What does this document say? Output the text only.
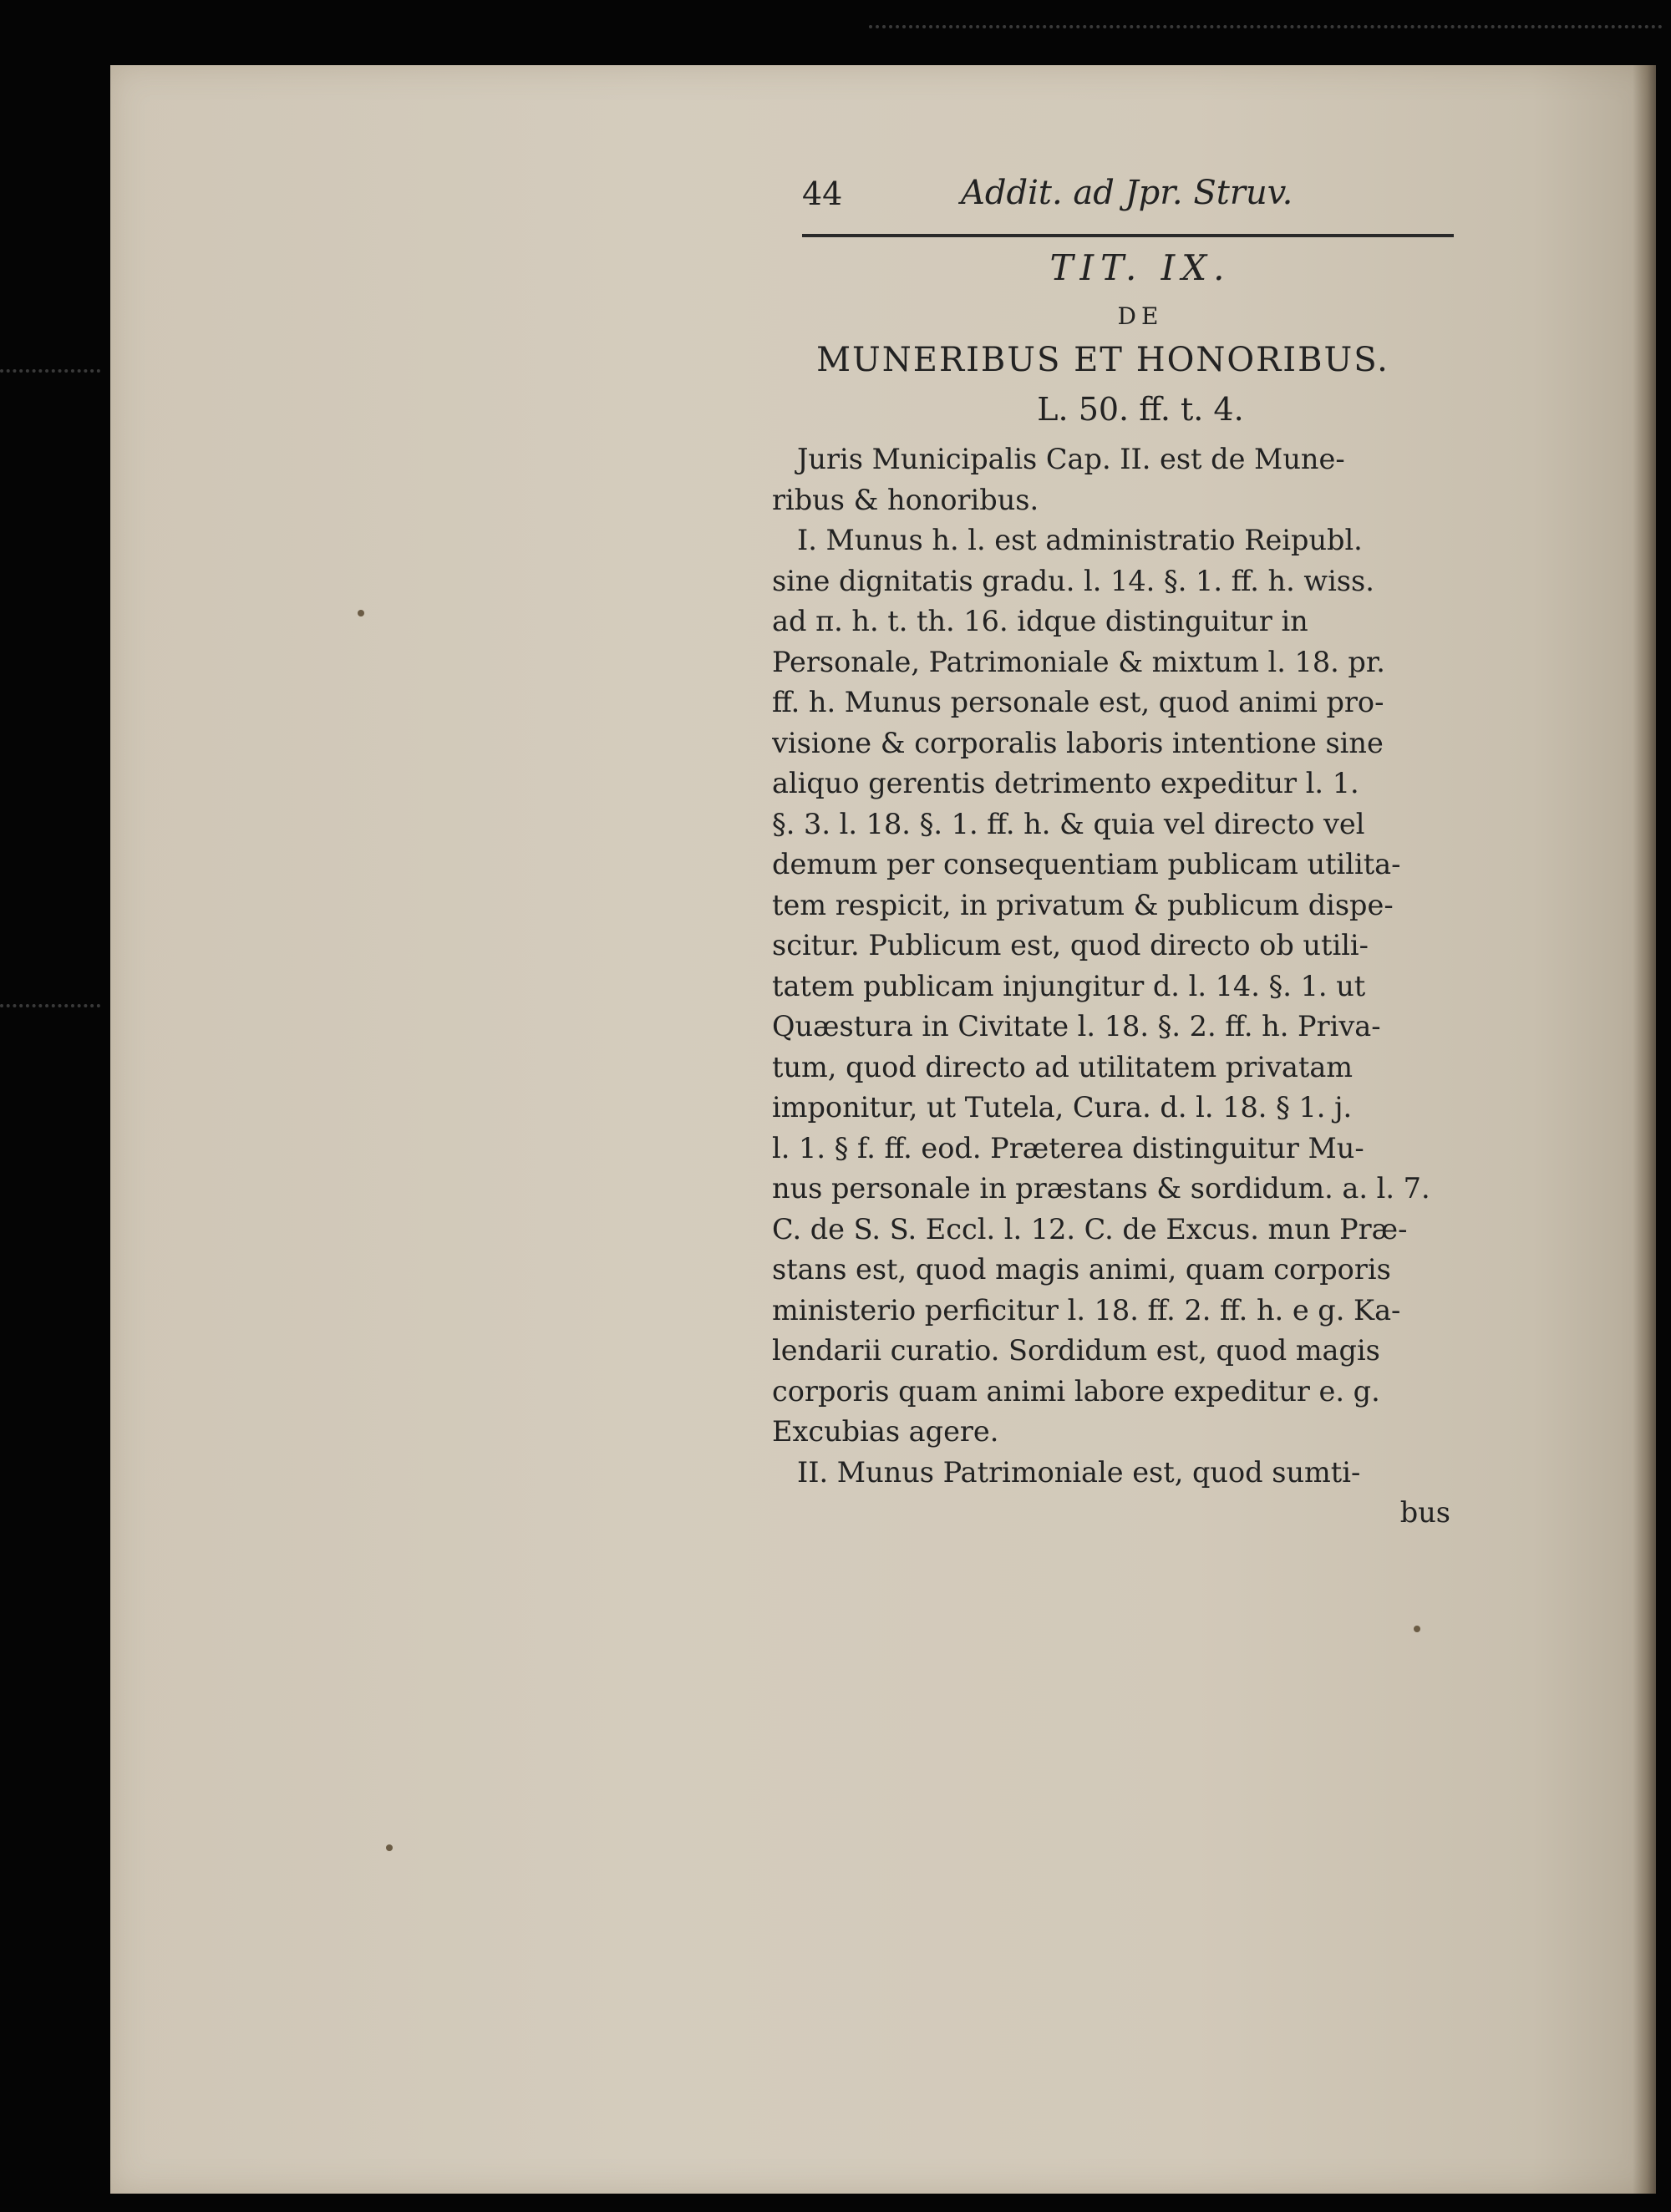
44	Addit. ad Jpr. Struv.
TIT. IX.
DE
MUNERIBUS ET HONORIBUS.
L. 50. ff. t. 4.
Juris Municipalis Cap. II. est de Mune-
ribus & honoribus.
I. Munus h. l. est administratio Reipubl.
sine dignitatis gradu. l. 14. §. 1. ff. h. wiss.
ad π. h. t. th. 16. idque distinguitur in
Personale, Patrimoniale & mixtum l. 18. pr.
ff. h. Munus personale est, quod animi pro-
visione & corporalis laboris intentione sine
aliquo gerentis detrimento expeditur l. 1.
§. 3. l. 18. §. 1. ff. h. & quia vel directo vel
demum per consequentiam publicam utilita-
tem respicit, in privatum & publicum dispe-
scitur. Publicum est, quod directo ob utili-
tatem publicam injungitur d. l. 14. §. 1. ut
Quæstura in Civitate l. 18. §. 2. ff. h. Priva-
tum, quod directo ad utilitatem privatam
imponitur, ut Tutela, Cura. d. l. 18. § 1. j.
l. 1. § f. ff. eod. Præterea distinguitur Mu-
nus personale in præstans & sordidum. a. l. 7.
C. de S. S. Eccl. l. 12. C. de Excus. mun Præ-
stans est, quod magis animi, quam corporis
ministerio perficitur l. 18. ff. 2. ff. h. e g. Ka-
lendarii curatio. Sordidum est, quod magis
corporis quam animi labore expeditur e. g.
Excubias agere.
II. Munus Patrimoniale est, quod sumti-
bus
